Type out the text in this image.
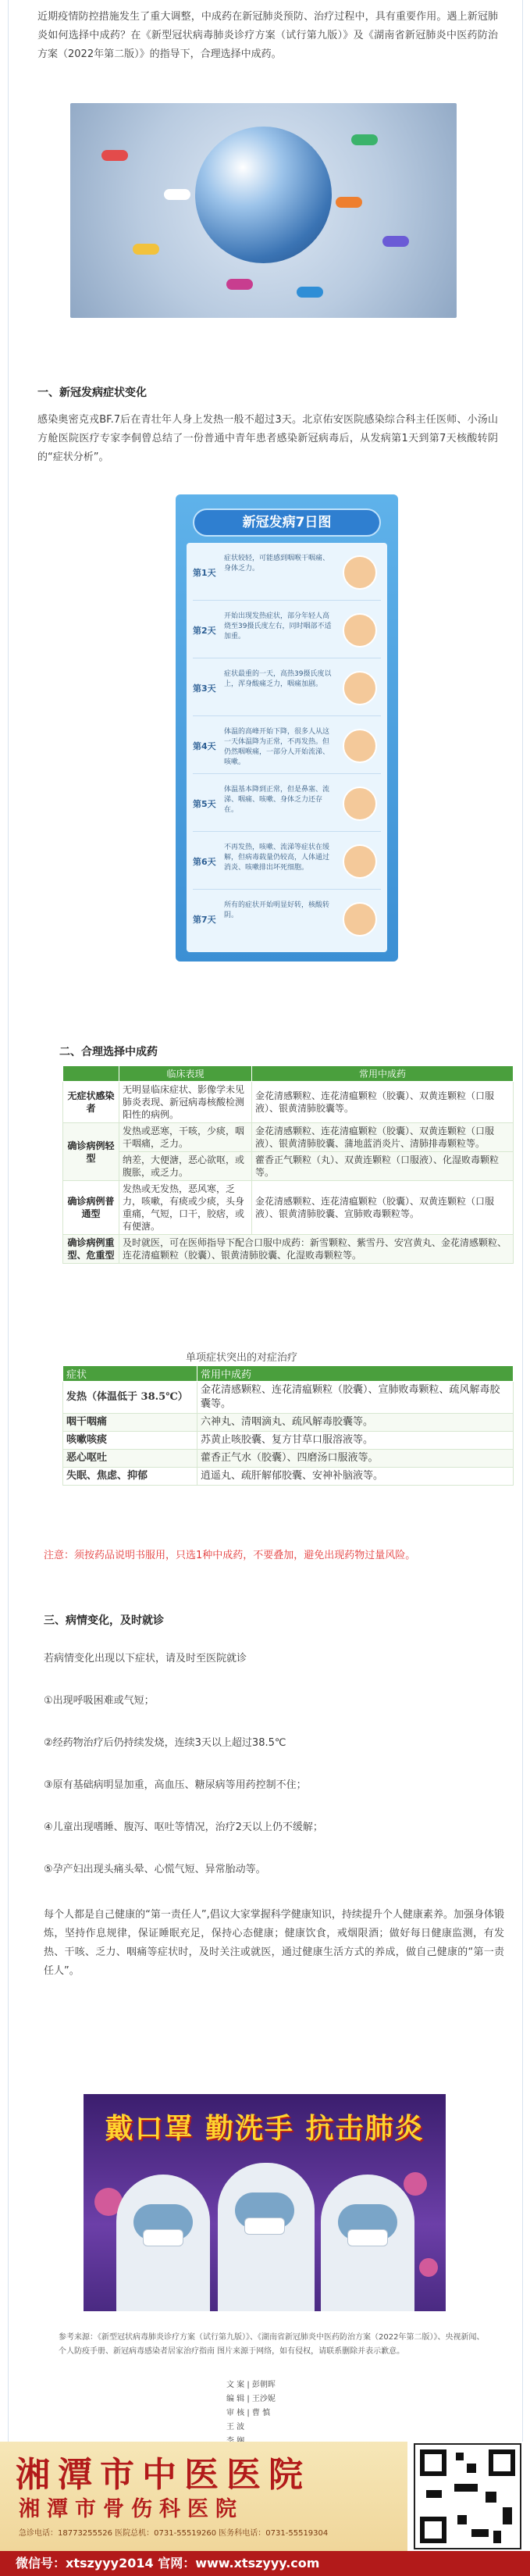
近期疫情防控措施发生了重大调整，中成药在新冠肺炎预防、治疗过程中，具有重要作用。遇上新冠肺炎如何选择中成药？在《新型冠状病毒肺炎诊疗方案（试行第九版）》及《湖南省新冠肺炎中医药防治方案（2022年第二版）》的指导下，合理选择中成药。

一、新冠发病症状变化

感染奥密克戎BF.7后在青壮年人身上发热一般不超过3天。北京佑安医院感染综合科主任医师、小汤山方舱医院医疗专家李侗曾总结了一份普通中青年患者感染新冠病毒后，从发病第1天到第7天核酸转阴的“症状分析”。

新冠发病7日图
第1天
症状较轻，可能感到咽喉干咽痛、身体乏力。
第2天
开始出现发热症状，部分年轻人高烧至39摄氏度左右，同时咽部不适加重。
第3天
症状最重的一天，高热39摄氏度以上，浑身酸痛乏力，咽痛加剧。
第4天
体温的高峰开始下降，很多人从这一天体温降为正常，不再发热。但仍然咽喉痛，一部分人开始流涕、咳嗽。
第5天
体温基本降到正常，但是鼻塞、流涕、咽痛、咳嗽、身体乏力还存在。
第6天
不再发热，咳嗽、流涕等症状在缓解，但病毒载量仍较高，人体通过消炎、咳嗽排出坏死细胞。
第7天
所有的症状开始明显好转，核酸转阴。
二、合理选择中成药
	临床表现	常用中成药
无症状感染者	无明显临床症状、影像学未见肺炎表现、新冠病毒核酸检测阳性的病例。	金花清感颗粒、连花清瘟颗粒（胶囊）、双黄连颗粒（口服液）、银黄清肺胶囊等。
确诊病例轻型	发热或恶寒，干咳，少痰，咽干咽痛，乏力。	金花清感颗粒、连花清瘟颗粒（胶囊）、双黄连颗粒（口服液）、银黄清肺胶囊、蒲地蓝消炎片、清肺排毒颗粒等。
	纳差，大便溏，恶心欲呕，或腹胀，或乏力。	藿香正气颗粒（丸）、双黄连颗粒（口服液）、化湿败毒颗粒等。
确诊病例普通型	发热或无发热，恶风寒，乏力，咳嗽，有痰或少痰，头身重痛，气短，口干，胶痞，或有便溏。	金花清感颗粒、连花清瘟颗粒（胶囊）、双黄连颗粒（口服液）、银黄清肺胶囊、宣肺败毒颗粒等。
确诊病例重型、危重型	及时就医，可在医师指导下配合口服中成药：新雪颗粒、紫雪丹、安宫黄丸、金花清感颗粒、连花清瘟颗粒（胶囊）、银黄清肺胶囊、化湿败毒颗粒等。	
单项症状突出的对症治疗
症状	常用中成药
发热（体温低于 38.5℃）	金花清感颗粒、连花清瘟颗粒（胶囊）、宣肺败毒颗粒、疏风解毒胶囊等。
咽干咽痛	六神丸、清咽滴丸、疏风解毒胶囊等。
咳嗽咳痰	苏黄止咳胶囊、复方甘草口服溶液等。
恶心呕吐	藿香正气水（胶囊）、四磨汤口服液等。
失眠、焦虑、抑郁	逍遥丸、疏肝解郁胶囊、安神补脑液等。

注意：须按药品说明书服用，只选1种中成药，不要叠加，避免出现药物过量风险。

三、病情变化，及时就诊
若病情变化出现以下症状，请及时至医院就诊
①出现呼吸困难或气短；
②经药物治疗后仍持续发烧，连续3天以上超过38.5℃
③原有基础病明显加重，高血压、糖尿病等用药控制不住；
④儿童出现嗜睡、腹泻、呕吐等情况，治疗2天以上仍不缓解；
⑤孕产妇出现头痛头晕、心慌气短、异常胎动等。

每个人都是自己健康的“第一责任人”,倡议大家掌握科学健康知识，持续提升个人健康素养。加强身体锻炼，坚持作息规律，保证睡眠充足，保持心态健康；健康饮食，戒烟限酒；做好每日健康监测，有发热、干咳、乏力、咽痛等症状时，及时关注或就医，通过健康生活方式的养成，做自己健康的“第一责任人”。

戴口罩 勤洗手 抗击肺炎

参考来源：《新型冠状病毒肺炎诊疗方案（试行第九版）》、《湖南省新冠肺炎中医药防治方案（2022年第二版）》、央视新闻、个人防疫手册、新冠病毒感染者居家治疗指南 图片来源于网络，如有侵权，请联系删除并表示歉意。

文 案 | 彭朝晖
编 辑 | 王沙妮
审 核 | 曹 慎
王 波
湘潭市中医医院
湘潭市骨伤科医院
急诊电话：18773255526 医院总机：0731-55519260 医务科电话：0731-55519304
微信号：xtszyyy2014 官网：www.xtszyyy.com
